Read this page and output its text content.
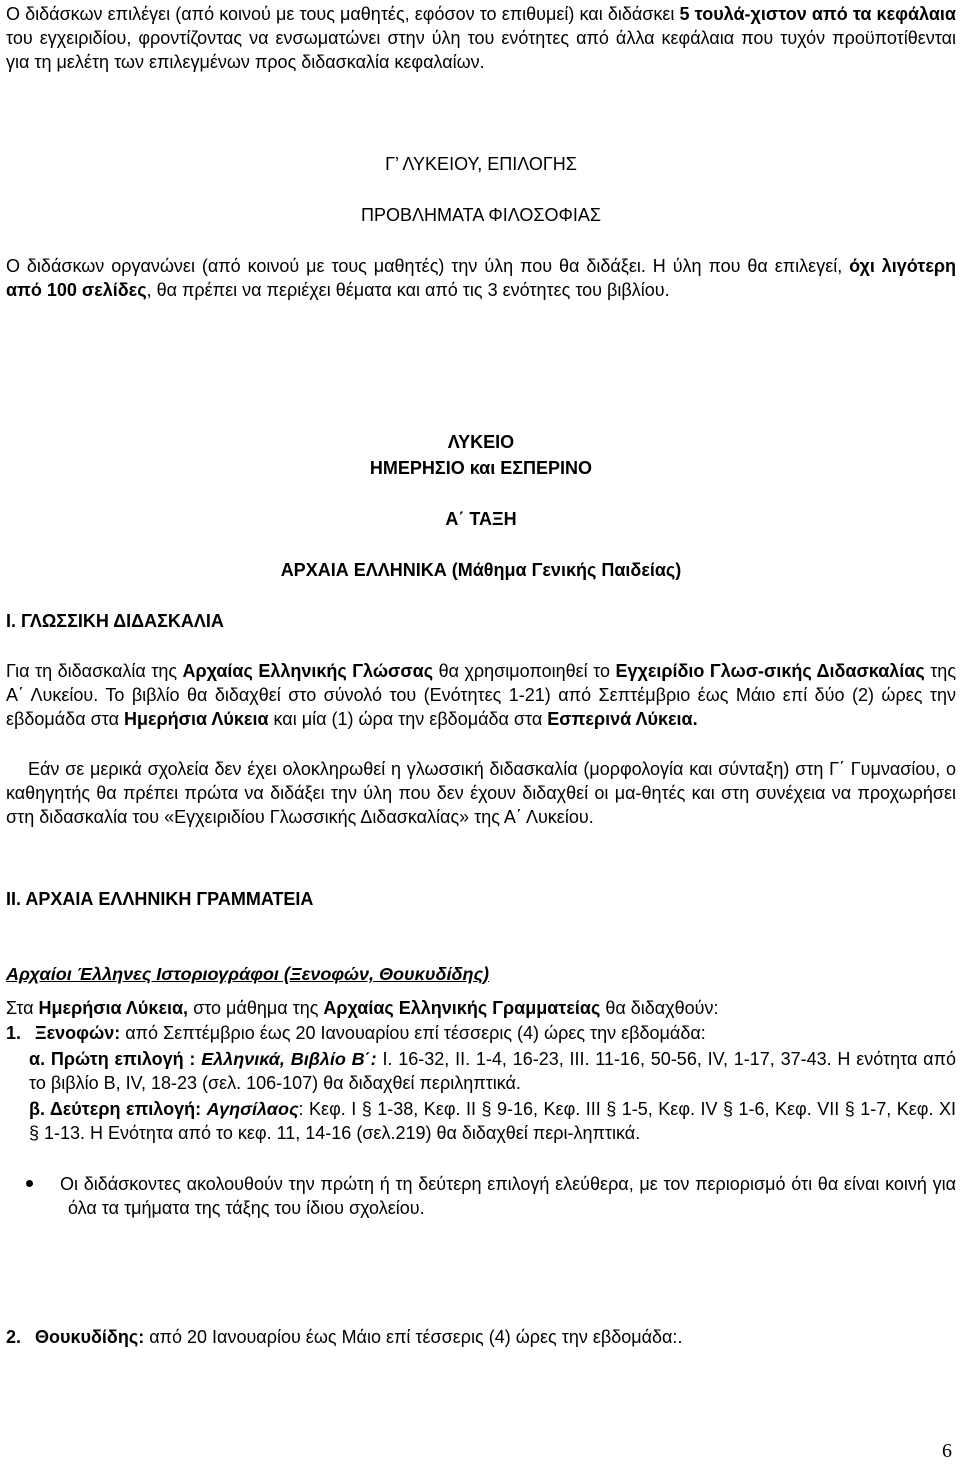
Ο διδάσκων επιλέγει (από κοινού με τους μαθητές, εφόσον το επιθυμεί) και διδάσκει 5 τουλά-χιστον από τα κεφάλαια του εγχειριδίου, φροντίζοντας να ενσωματώνει στην ύλη του ενότητες από άλλα κεφάλαια που τυχόν προϋποτίθενται για τη μελέτη των επιλεγμένων προς διδασκαλία κεφαλαίων.

Γ’ ΛΥΚΕΙΟΥ, ΕΠΙΛΟΓΗΣ

ΠΡΟΒΛΗΜΑΤΑ ΦΙΛΟΣΟΦΙΑΣ

Ο διδάσκων οργανώνει (από κοινού με τους μαθητές) την ύλη που θα διδάξει. Η ύλη που θα επιλεγεί, όχι λιγότερη από 100 σελίδες, θα πρέπει να περιέχει θέματα και από τις 3 ενότητες του βιβλίου.

ΛΥΚΕΙΟ

ΗΜΕΡΗΣΙΟ και ΕΣΠΕΡΙΝΟ

Α΄ ΤΑΞΗ

ΑΡΧΑΙΑ ΕΛΛΗΝΙΚΑ (Μάθημα Γενικής Παιδείας)

Ι. ΓΛΩΣΣΙΚΗ ΔΙΔΑΣΚΑΛΙΑ

Για τη διδασκαλία της Αρχαίας Ελληνικής Γλώσσας θα χρησιμοποιηθεί το Εγχειρίδιο Γλωσ-σικής Διδασκαλίας της Α΄ Λυκείου. Το βιβλίο θα διδαχθεί στο σύνολό του (Ενότητες 1-21) από Σεπτέμβριο έως Μάιο επί δύο (2) ώρες την εβδομάδα στα Ημερήσια Λύκεια και μία (1) ώρα την εβδομάδα στα Εσπερινά Λύκεια.

Εάν σε μερικά σχολεία δεν έχει ολοκληρωθεί η γλωσσική διδασκαλία (μορφολογία και σύνταξη) στη Γ΄ Γυμνασίου, ο καθηγητής θα πρέπει πρώτα να διδάξει την ύλη που δεν έχουν διδαχθεί οι μα-θητές και στη συνέχεια να προχωρήσει στη διδασκαλία του «Εγχειριδίου Γλωσσικής Διδασκαλίας» της Α΄ Λυκείου.

ΙΙ. ΑΡΧΑΙΑ ΕΛΛΗΝΙΚΗ ΓΡΑΜΜΑΤΕΙΑ

Αρχαίοι Έλληνες Ιστοριογράφοι (Ξενοφών, Θουκυδίδης)

Στα Ημερήσια Λύκεια, στο μάθημα της Αρχαίας Ελληνικής Γραμματείας θα διδαχθούν:

1. Ξενοφών: από Σεπτέμβριο έως 20 Ιανουαρίου επί τέσσερις (4) ώρες την εβδομάδα:

α. Πρώτη επιλογή : Ελληνικά, Βιβλίο Β΄: Ι. 16-32, ΙΙ. 1-4, 16-23, ΙΙΙ. 11-16, 50-56, IV, 1-17, 37-43. Η ενότητα από το βιβλίο Β, IV, 18-23 (σελ. 106-107) θα διδαχθεί περιληπτικά.

β. Δεύτερη επιλογή: Αγησίλαος: Κεφ. Ι § 1-38, Κεφ. ΙΙ § 9-16, Κεφ. ΙΙΙ § 1-5, Κεφ. IV § 1-6, Κεφ. VII § 1-7, Κεφ. XI § 1-13. Η Ενότητα από το κεφ. 11, 14-16 (σελ.219) θα διδαχθεί περι-ληπτικά.

Οι διδάσκοντες ακολουθούν την πρώτη ή τη δεύτερη επιλογή ελεύθερα, με τον περιορισμό ότι θα είναι κοινή για όλα τα τμήματα της τάξης του ίδιου σχολείου.

2. Θουκυδίδης: από 20 Ιανουαρίου έως Μάιο επί τέσσερις (4) ώρες την εβδομάδα:.

6
